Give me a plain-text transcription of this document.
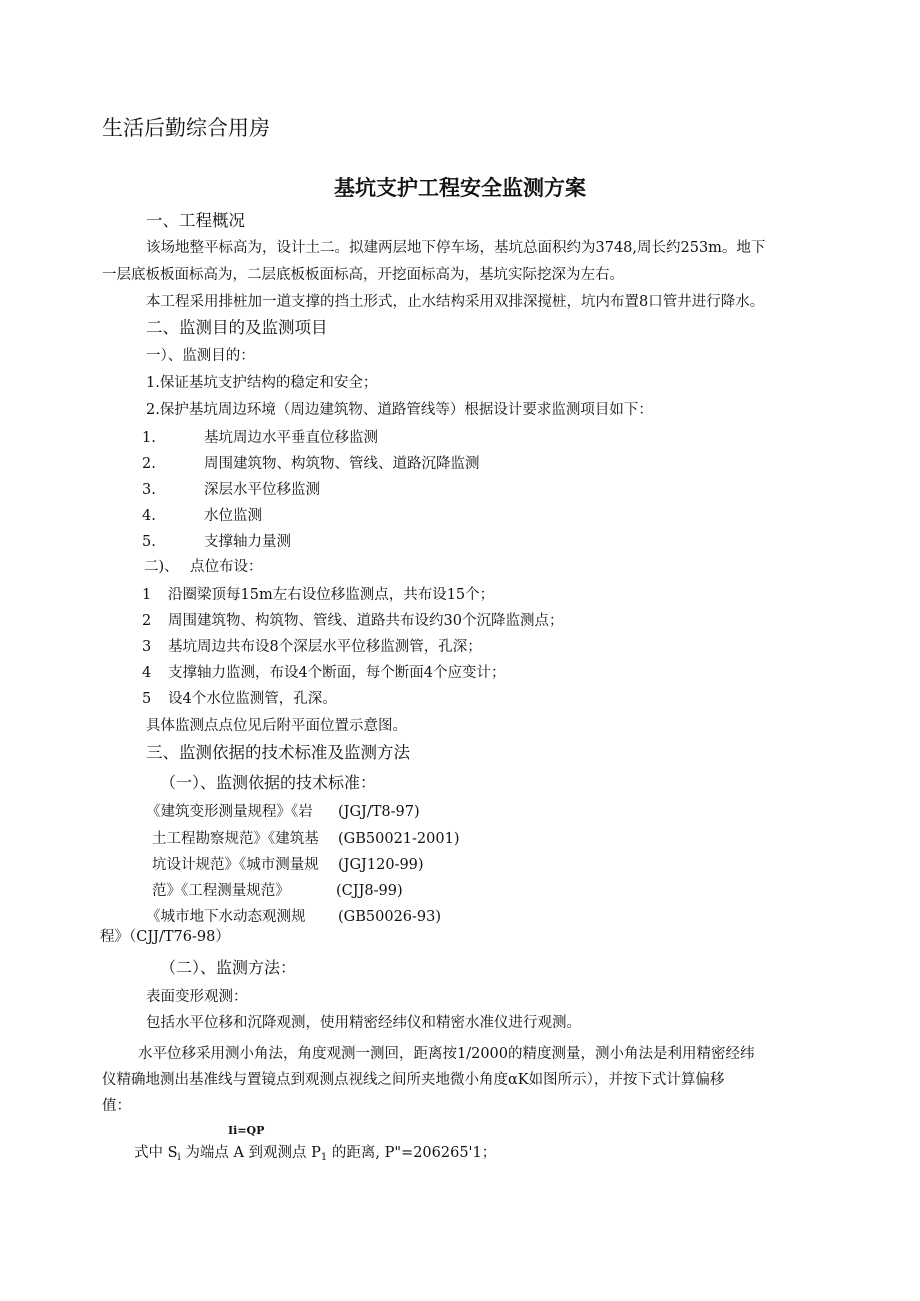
生活后勤综合用房
基坑支护工程安全监测方案
一、工程概况
该场地整平标高为，设计土二。拟建两层地下停车场，基坑总面积约为3748,周长约253m。地下
一层底板板面标高为，二层底板板面标高，开挖面标高为，基坑实际挖深为左右。
本工程采用排桩加一道支撑的挡土形式，止水结构采用双排深搅桩，坑内布置8口管井进行降水。
二、监测目的及监测项目
一）、监测目的：
1.保证基坑支护结构的稳定和安全；
2.保护基坑周边环境（周边建筑物、道路管线等）根据设计要求监测项目如下：
1.	基坑周边水平垂直位移监测
2.	周围建筑物、构筑物、管线、道路沉降监测
3.	深层水平位移监测
4.	水位监测
5.	支撑轴力量测
二)、 点位布设：
1 沿圈梁顶每15m左右设位移监测点，共布设15个；
2 周围建筑物、构筑物、管线、道路共布设约30个沉降监测点；
3 基坑周边共布设8个深层水平位移监测管，孔深；
4 支撑轴力监测，布设4个断面，每个断面4个应变计；
5 设4个水位监测管，孔深。
具体监测点点位见后附平面位置示意图。
三、监测依据的技术标准及监测方法
（一）、监测依据的技术标准：
《建筑变形测量规程》《岩 (JGJ/T8-97)
土工程勘察规范》《建筑基 (GB50021-2001)
坑设计规范》《城市测量规 (JGJ120-99)
范》《工程测量规范》	(CJJ8-99)
《城市地下水动态观测规 (GB50026-93)
程》（CJJ/T76-98）
（二）、监测方法：
表面变形观测：
包括水平位移和沉降观测，使用精密经纬仪和精密水准仪进行观测。
水平位移采用测小角法，角度观测一测回，距离按1/2000的精度测量，测小角法是利用精密经纬
仪精确地测出基准线与置镜点到观测点视线之间所夹地微小角度αK如图所示），并按下式计算偏移
值：
Ii=QP
式中 $S_i$ 为端点 A 到观测点 $P_1$ 的距离, P"=206265'1；
